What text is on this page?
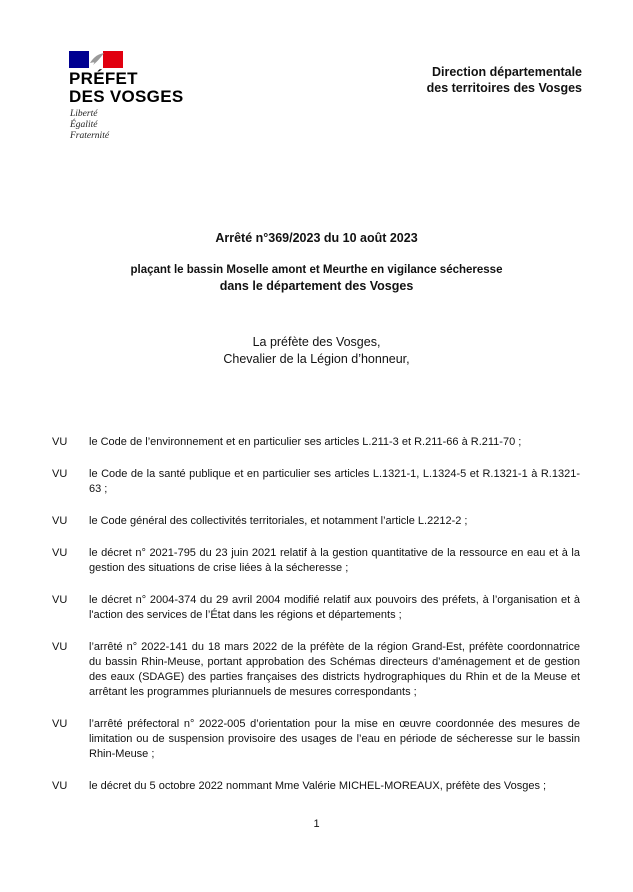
PRÉFET
DES VOSGES
Liberté
Égalité
Fraternité
Direction départementale
des territoires des Vosges
Arrêté n°369/2023 du 10 août 2023
plaçant le bassin Moselle amont et Meurthe en vigilance sécheresse
dans le département des Vosges
La préfète des Vosges,
Chevalier de la Légion d’honneur,
VU	le Code de l’environnement et en particulier ses articles L.211-3 et R.211-66 à R.211-70 ;
VU	le Code de la santé publique et en particulier ses articles L.1321-1, L.1324-5 et R.1321-1 à R.1321-63 ;
VU	le Code général des collectivités territoriales, et notamment l’article L.2212-2 ;
VU	le décret n° 2021-795 du 23 juin 2021 relatif à la gestion quantitative de la ressource en eau et à la gestion des situations de crise liées à la sécheresse ;
VU	le décret n° 2004-374 du 29 avril 2004 modifié relatif aux pouvoirs des préfets, à l’organisation et à l'action des services de l’État dans les régions et départements ;
VU	l’arrêté n° 2022-141 du 18 mars 2022 de la préfète de la région Grand-Est, préfète coordonnatrice du bassin Rhin-Meuse, portant approbation des Schémas directeurs d’aménagement et de gestion des eaux (SDAGE) des parties françaises des districts hydrographiques du Rhin et de la Meuse et arrêtant les programmes pluriannuels de mesures correspondants ;
VU	l’arrêté préfectoral n° 2022-005 d’orientation pour la mise en œuvre coordonnée des mesures de limitation ou de suspension provisoire des usages de l’eau en période de sécheresse sur le bassin Rhin-Meuse ;
VU	le décret du 5 octobre 2022 nommant Mme Valérie MICHEL-MOREAUX, préfète des Vosges ;
1
